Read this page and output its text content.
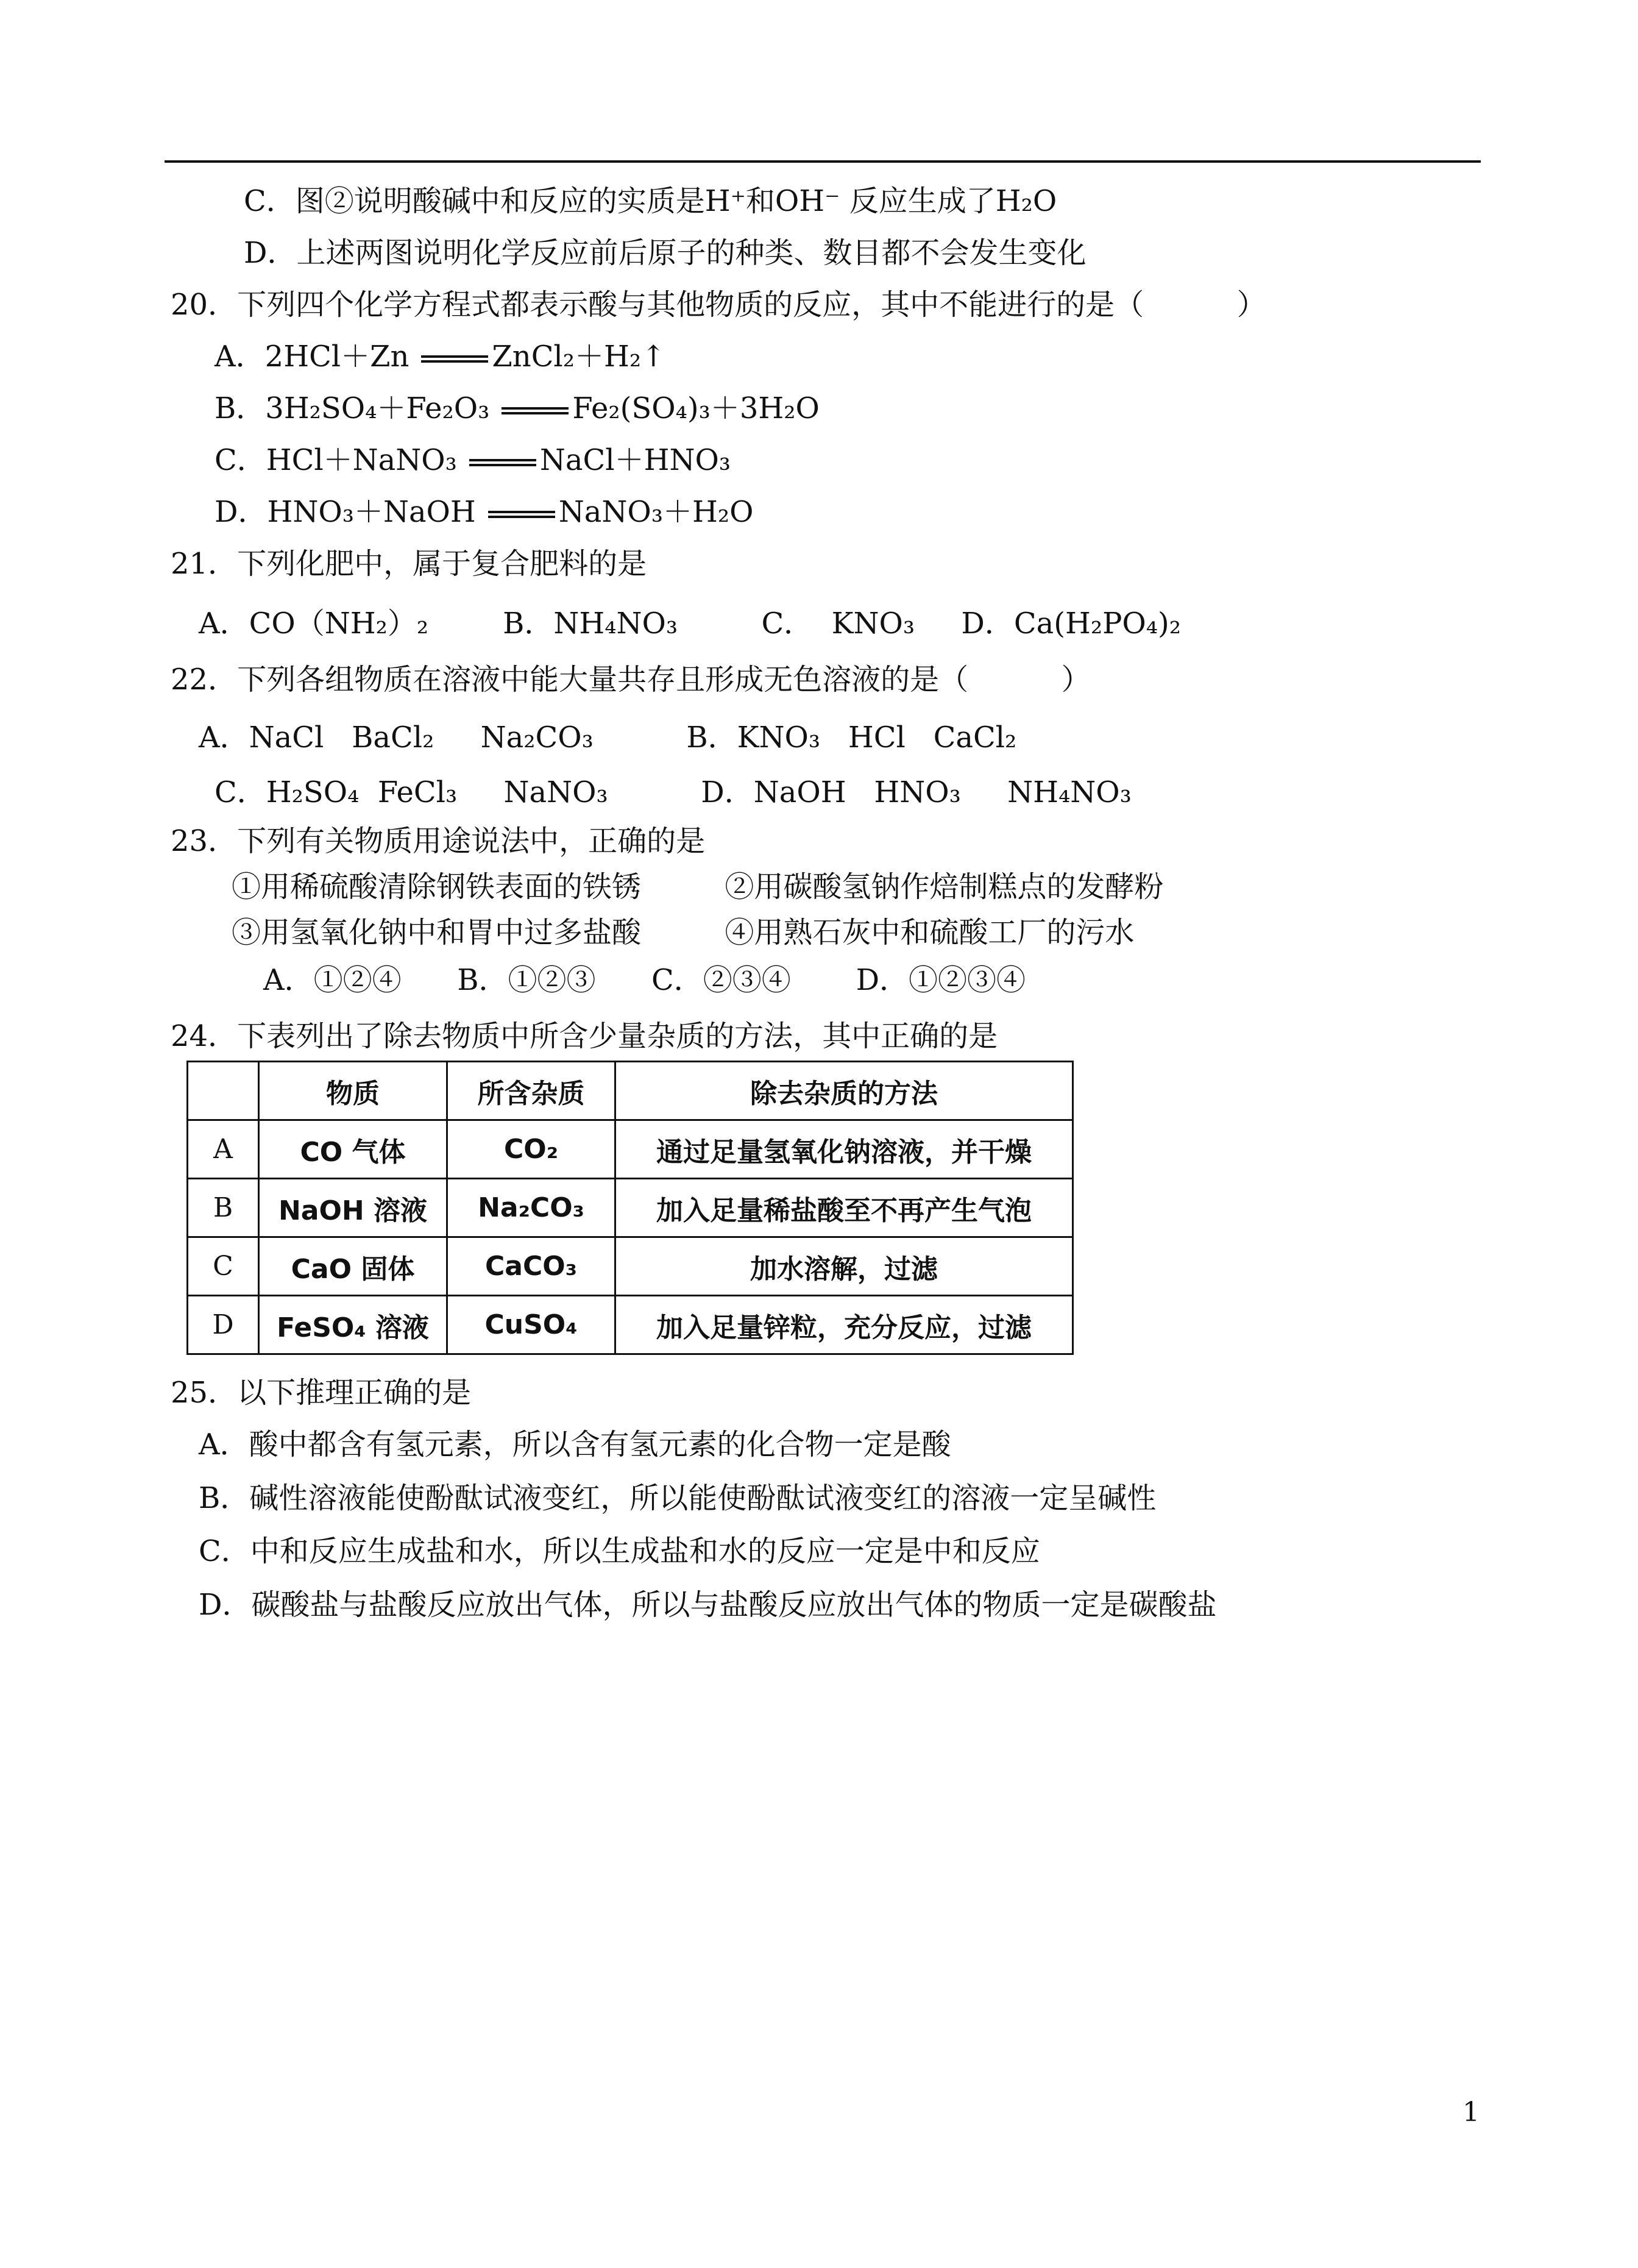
C．图②说明酸碱中和反应的实质是H⁺和OH⁻ 反应生成了H₂O
D．上述两图说明化学反应前后原子的种类、数目都不会发生变化
20．下列四个化学方程式都表示酸与其他物质的反应，其中不能进行的是（          ）
A．2HCl＋Zn	ZnCl₂＋H₂↑
B．3H₂SO₄＋Fe₂O₃	Fe₂(SO₄)₃＋3H₂O
C．HCl＋NaNO₃	NaCl＋HNO₃
D．HNO₃＋NaOH	NaNO₃＋H₂O
21．下列化肥中，属于复合肥料的是
A．CO（NH₂）₂        B．NH₄NO₃         C．  KNO₃     D．Ca(H₂PO₄)₂
22．下列各组物质在溶液中能大量共存且形成无色溶液的是（          ）
A．NaCl   BaCl₂     Na₂CO₃          B．KNO₃   HCl   CaCl₂
C．H₂SO₄  FeCl₃     NaNO₃          D．NaOH   HNO₃     NH₄NO₃
23．下列有关物质用途说法中，正确的是
①用稀硫酸清除钢铁表面的铁锈         ②用碳酸氢钠作焙制糕点的发酵粉
③用氢氧化钠中和胃中过多盐酸         ④用熟石灰中和硫酸工厂的污水
A．①②④      B．①②③      C．②③④       D．①②③④
24．下表列出了除去物质中所含少量杂质的方法，其中正确的是
	物质	所含杂质	除去杂质的方法
A	CO 气体	CO₂	通过足量氢氧化钠溶液，并干燥
B	NaOH 溶液	Na₂CO₃	加入足量稀盐酸至不再产生气泡
C	CaO 固体	CaCO₃	加水溶解，过滤
D	FeSO₄ 溶液	CuSO₄	加入足量锌粒，充分反应，过滤
25．以下推理正确的是
A．酸中都含有氢元素，所以含有氢元素的化合物一定是酸
B．碱性溶液能使酚酞试液变红，所以能使酚酞试液变红的溶液一定呈碱性
C．中和反应生成盐和水，所以生成盐和水的反应一定是中和反应
D．碳酸盐与盐酸反应放出气体，所以与盐酸反应放出气体的物质一定是碳酸盐
1
